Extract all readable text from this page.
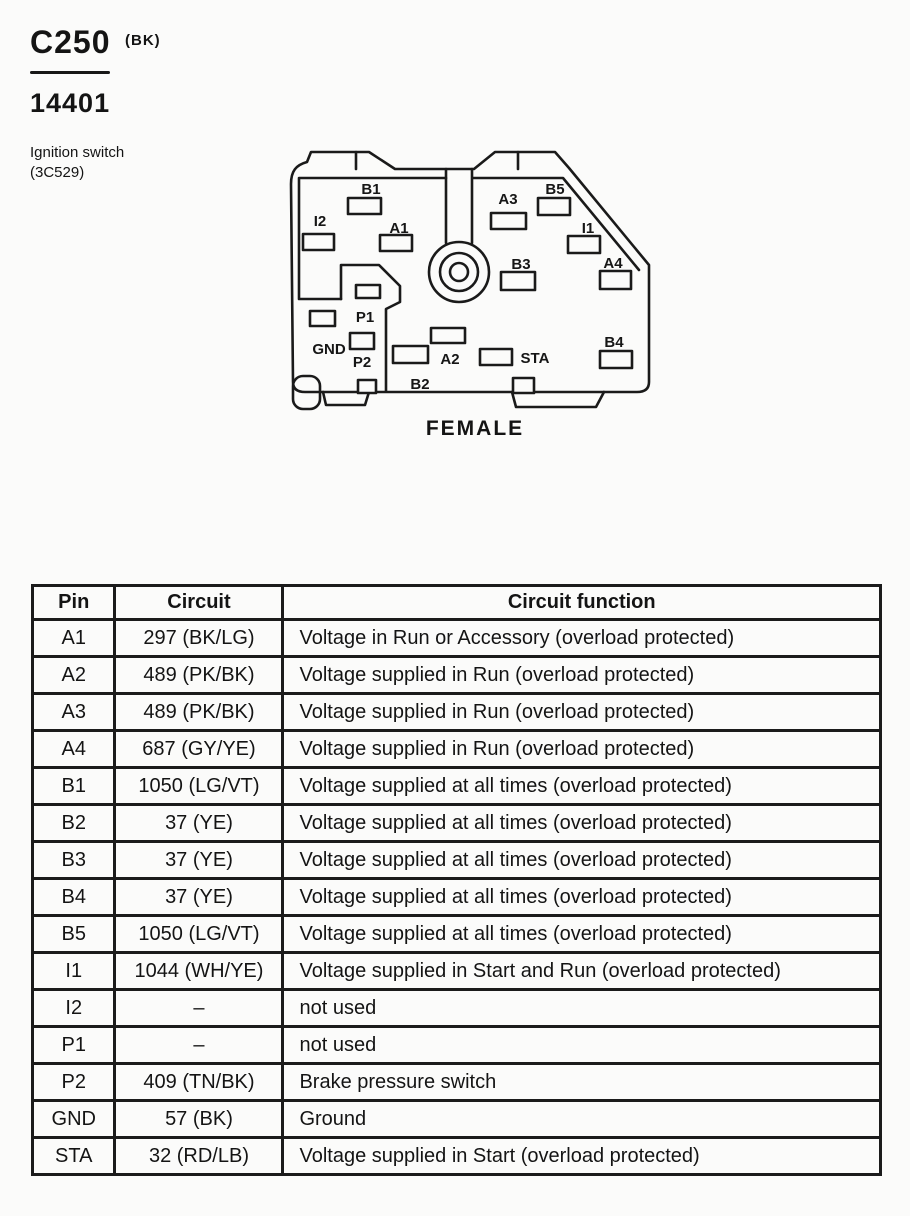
C250 (BK)
14401
Ignition switch
(3C529)
I2
B1
A1
A3
B5
I1
B3	A4
B4
P1
GND
P2
B2
A2	STA
FEMALE
Pin	Circuit	Circuit function
A1	297 (BK/LG)	Voltage in Run or Accessory (overload protected)
A2	489 (PK/BK)	Voltage supplied in Run (overload protected)
A3	489 (PK/BK)	Voltage supplied in Run (overload protected)
A4	687 (GY/YE)	Voltage supplied in Run (overload protected)
B1	1050 (LG/VT)	Voltage supplied at all times (overload protected)
B2	37 (YE)	Voltage supplied at all times (overload protected)
B3	37 (YE)	Voltage supplied at all times (overload protected)
B4	37 (YE)	Voltage supplied at all times (overload protected)
B5	1050 (LG/VT)	Voltage supplied at all times (overload protected)
I1	1044 (WH/YE)	Voltage supplied in Start and Run (overload protected)
I2	–	not used
P1	–	not used
P2	409 (TN/BK)	Brake pressure switch
GND	57 (BK)	Ground
STA	32 (RD/LB)	Voltage supplied in Start (overload protected)
